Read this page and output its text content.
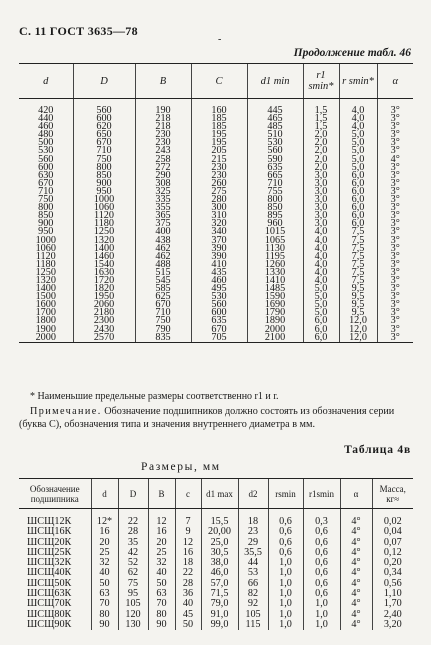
С. 11 ГОСТ 3635—78
-
Продолжение табл. 46
d	D	B	C	d1 min	r1 smin*	r smin*	α

420	560	190	160	445	1,5	4,0	3°
440	600	218	185	465	1,5	4,0	3°
460	620	218	185	485	1,5	4,0	3°
480	650	230	195	510	2,0	5,0	3°
500	670	230	195	530	2,0	5,0	3°
530	710	243	205	560	2,0	5,0	3°
560	750	258	215	590	2,0	5,0	4°
600	800	272	230	635	2,0	5,0	3°
630	850	290	230	665	3,0	6,0	3°
670	900	308	260	710	3,0	6,0	3°
710	950	325	275	755	3,0	6,0	3°
750	1000	335	280	800	3,0	6,0	3°
800	1060	355	300	850	3,0	6,0	3°
850	1120	365	310	895	3,0	6,0	3°
900	1180	375	320	960	3,0	6,0	3°
950	1250	400	340	1015	4,0	7,5	3°
1000	1320	438	370	1065	4,0	7,5	3°
1060	1400	462	390	1130	4,0	7,5	3°
1120	1460	462	390	1195	4,0	7,5	3°
1180	1540	488	410	1260	4,0	7,5	3°
1250	1630	515	435	1330	4,0	7,5	3°
1320	1720	545	460	1410	4,0	7,5	3°
1400	1820	585	495	1485	5,0	9,5	3°
1500	1950	625	530	1590	5,0	9,5	3°
1600	2060	670	560	1690	5,0	9,5	3°
1700	2180	710	600	1790	5,0	9,5	3°
1800	2300	750	635	1890	6,0	12,0	3°
1900	2430	790	670	2000	6,0	12,0	3°
2000	2570	835	705	2100	6,0	12,0	3°
* Наименьшие предельные размеры соответственно r1 и r.
Примечание. Обозначение подшипников должно состоять из обозначения серии (буква С), обозначения типа и значения внутреннего диаметра в мм.
Таблица 4в
Размеры, мм
Обозначение подшипника	d	D	B	c	d1 max	d2	rsmin	r1smin	α	Масса, кг≈

ШСЩ12К	12*	22	12	7	15,5	18	0,6	0,3	4°	0,02
ШСЩ16К	16	28	16	9	20,00	23	0,6	0,6	4°	0,04
ШСЩ20К	20	35	20	12	25,0	29	0,6	0,6	4°	0,07
ШСЩ25К	25	42	25	16	30,5	35,5	0,6	0,6	4°	0,12
ШСЩ32К	32	52	32	18	38,0	44	1,0	0,6	4°	0,20
ШСЩ40К	40	62	40	22	46,0	53	1,0	0,6	4°	0,34
ШСЩ50К	50	75	50	28	57,0	66	1,0	0,6	4°	0,56
ШСЩ63К	63	95	63	36	71,5	82	1,0	0,6	4°	1,10
ШСЩ70К	70	105	70	40	79,0	92	1,0	1,0	4°	1,70
ШСЩ80К	80	120	80	45	91,0	105	1,0	1,0	4°	2,40
ШСЩ90К	90	130	90	50	99,0	115	1,0	1,0	4°	3,20
